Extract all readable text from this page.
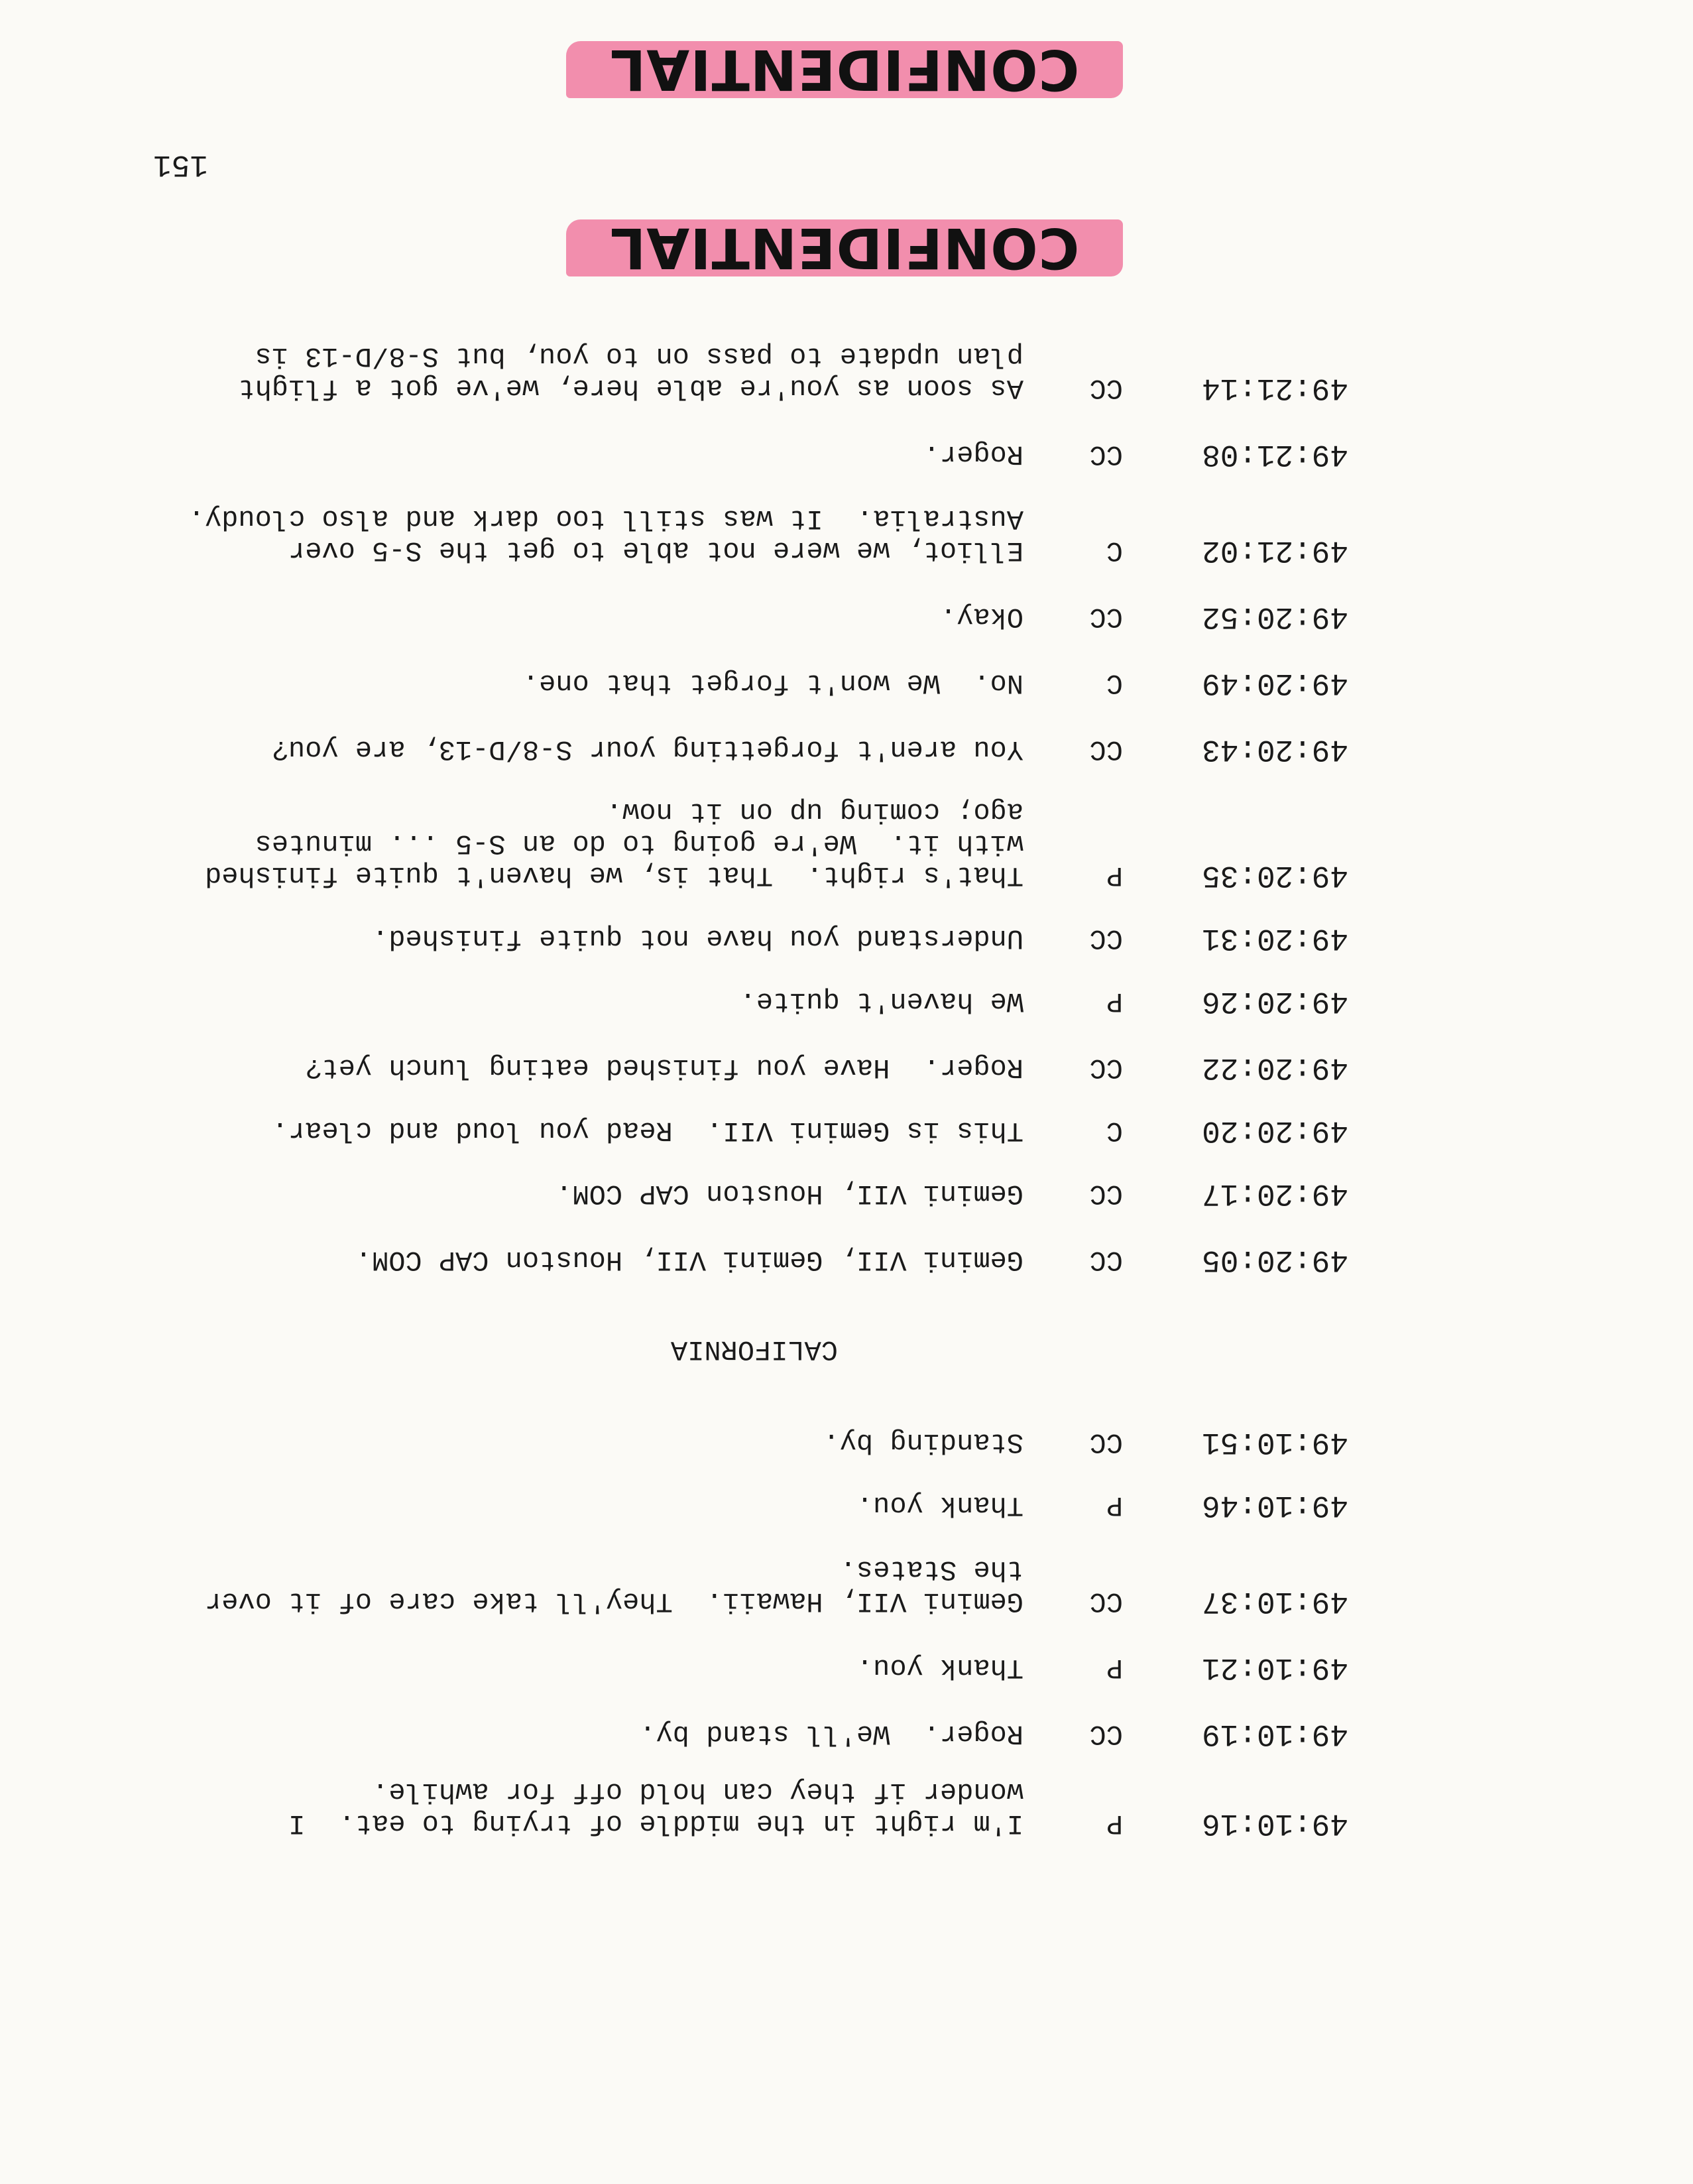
151
CONFIDENTIAL
49:10:16
P
I'm right in the middle of trying to eat.  I
wonder if they can hold off for awhile.
49:10:19
CC
Roger.  We'll stand by.
49:10:21
P
Thank you.
49:10:37
CC
Gemini VII, Hawaii.  They'll take care of it over
the States.
49:10:46
P
Thank you.
49:10:51
CC
Standing by.
CALIFORNIA
49:20:05
CC
Gemini VII, Gemini VII, Houston CAP COM.
49:20:17
CC
Gemini VII, Houston CAP COM.
49:20:20
C
This is Gemini VII.  Read you loud and clear.
49:20:22
CC
Roger.  Have you finished eating lunch yet?
49:20:26
P
We haven't quite.
49:20:31
CC
Understand you have not quite finished.
49:20:35
P
That's right.  That is, we haven't quite finished
with it.  We're going to do an S-5 ... minutes
ago; coming up on it now.
49:20:43
CC
You aren't forgetting your S-8/D-13, are you?
49:20:49
C
No.  We won't forget that one.
49:20:52
CC
Okay.
49:21:02
C
Elliot, we were not able to get the S-5 over
Australia.  It was still too dark and also cloudy.
49:21:08
CC
Roger.
49:21:14
CC
As soon as you're able here, we've got a flight
plan update to pass on to you, but S-8/D-13 is
CONFIDENTIAL
